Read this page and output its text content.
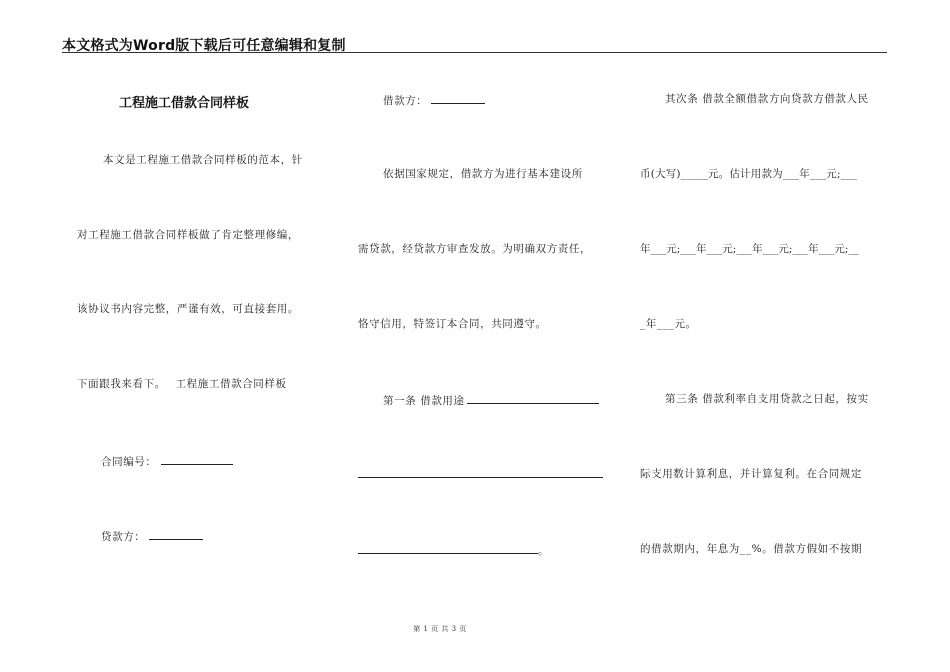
本文格式为Word版下载后可任意编辑和复制
工程施工借款合同样板
本文是工程施工借款合同样板的范本，针
对工程施工借款合同样板做了肯定整理修编，
该协议书内容完整，严谨有效，可直接套用。
下面跟我来看下。　 工程施工借款合同样板
合同编号：
贷款方：
借款方：
依据国家规定，借款方为进行基本建设所
需贷款，经贷款方审查发放。为明确双方责任，
恪守信用，特签订本合同，共同遵守。
第一条 借款用途
。
其次条 借款全额借款方向贷款方借款人民
币(大写)_____元。估计用款为___年___元;___
年___元;___年___元;___年___元;___年___元;__
_年___元。
第三条 借款利率自支用贷款之日起，按实
际支用数计算利息，并计算复利。在合同规定
的借款期内，年息为__%。借款方假如不按期
第 1 页 共 3 页
